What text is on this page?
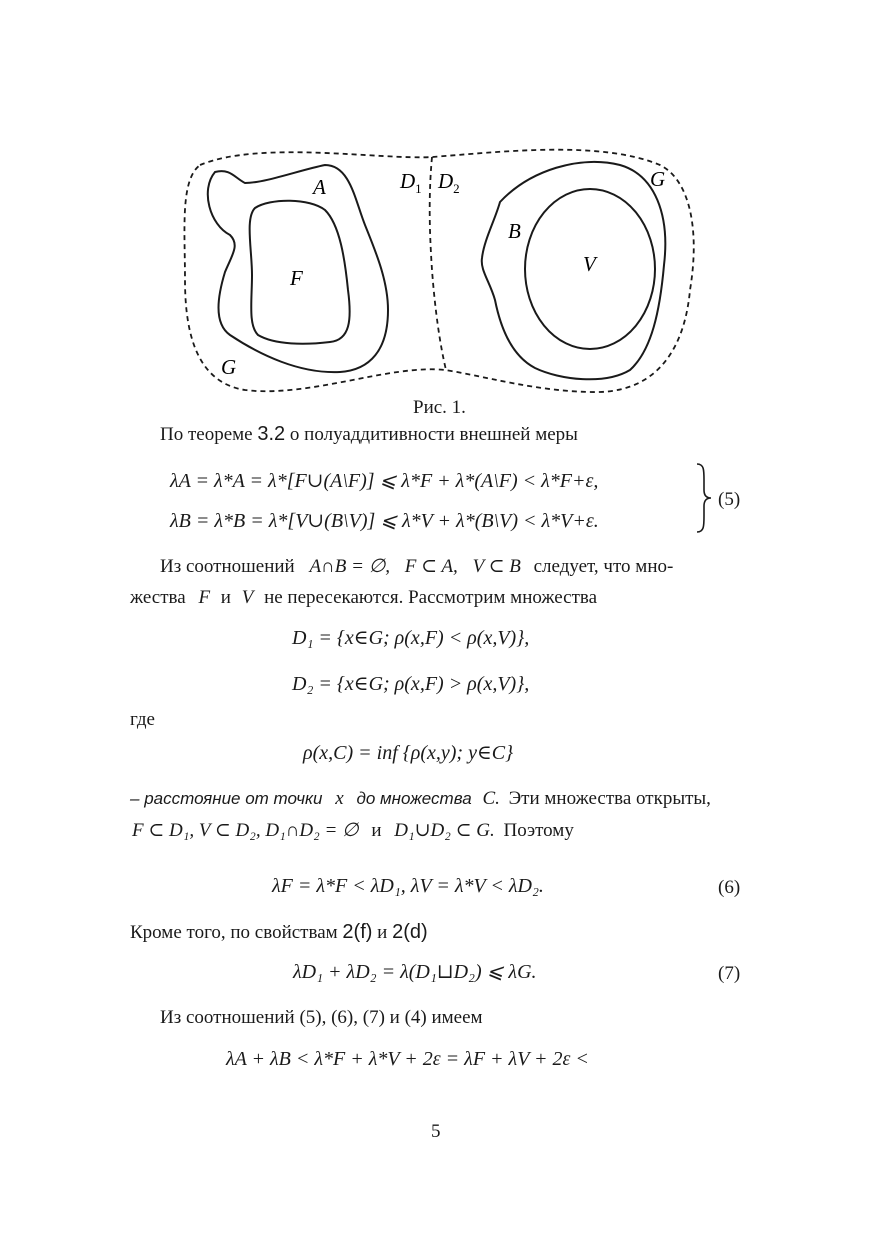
A
F
G
$D_1$ $D_2$
B
V
G
Рис. 1.
По теореме 3.2 о полуаддитивности внешней меры
λA = λ*A = λ*[F∪(A\F)] ⩽ λ*F + λ*(A\F) < λ*F+ε,
λB = λ*B = λ*[V∪(B\V)] ⩽ λ*V + λ*(B\V) < λ*V+ε.
(5)
Из соотношений A∩B = ∅, F ⊂ A, V ⊂ B следует, что мно-
жества F и V не пересекаются. Рассмотрим множества
D₁ = {x∈G; ρ(x,F) < ρ(x,V)},
D₂ = {x∈G; ρ(x,F) > ρ(x,V)},
где
ρ(x,C) = inf {ρ(x,y); y∈C}
– расстояние от точки x до множества C. Эти множества открыты,
F ⊂ D₁, V ⊂ D₂, D₁∩D₂ = ∅ и D₁∪D₂ ⊂ G. Поэтому
λF = λ*F < λD₁, λV = λ*V < λD₂.	(6)
Кроме того, по свойствам 2(f) и 2(d)
λD₁ + λD₂ = λ(D₁⊔D₂) ⩽ λG.	(7)
Из соотношений (5), (6), (7) и (4) имеем
λA + λB < λ*F + λ*V + 2ε = λF + λV + 2ε <
5
